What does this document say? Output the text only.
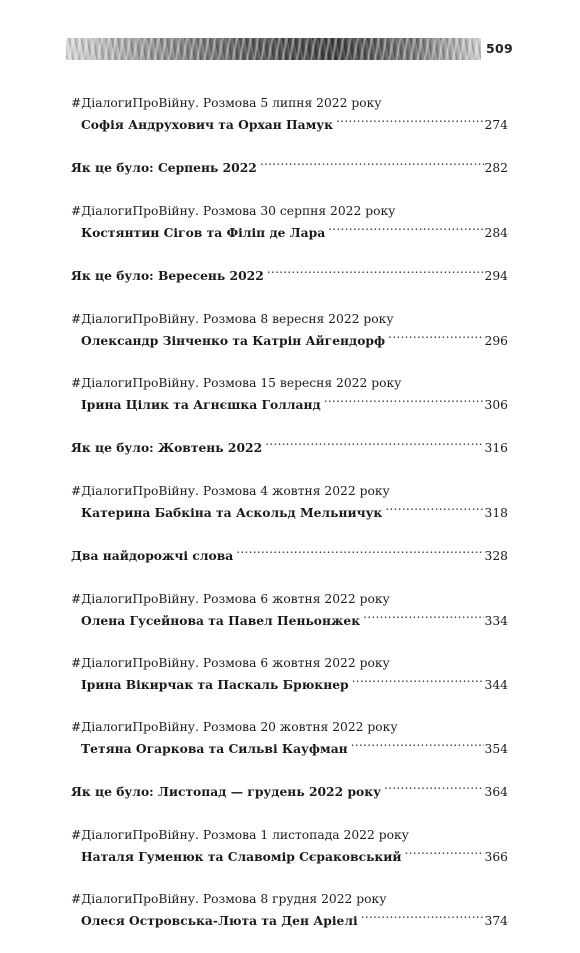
509
#ДіалогиПроВійну. Розмова 5 липня 2022 року
Софія Андрухович та Орхан Памук .....	274
Як це було: Серпень 2022 .....	282
#ДіалогиПроВійну. Розмова 30 серпня 2022 року
Костянтин Сігов та Філіп де Лара .....	284
Як це було: Вересень 2022 .....	294
#ДіалогиПроВійну. Розмова 8 вересня 2022 року
Олександр Зінченко та Катрін Айгендорф .....	296
#ДіалогиПроВійну. Розмова 15 вересня 2022 року
Ірина Цілик та Агнєшка Голланд .....	306
Як це було: Жовтень 2022 .....	316
#ДіалогиПроВійну. Розмова 4 жовтня 2022 року
Катерина Бабкіна та Аскольд Мельничук .....	318
Два найдорожчі слова .....	328
#ДіалогиПроВійну. Розмова 6 жовтня 2022 року
Олена Гусейнова та Павел Пеньонжек .....	334
#ДіалогиПроВійну. Розмова 6 жовтня 2022 року
Ірина Вікирчак та Паскаль Брюкнер .....	344
#ДіалогиПроВійну. Розмова 20 жовтня 2022 року
Тетяна Огаркова та Сильві Кауфман .....	354
Як це було: Листопад — грудень 2022 року .....	364
#ДіалогиПроВійну. Розмова 1 листопада 2022 року
Наталя Гуменюк та Славомір Сєраковський .....	366
#ДіалогиПроВійну. Розмова 8 грудня 2022 року
Олеся Островська-Люта та Ден Аріелі .....	374
